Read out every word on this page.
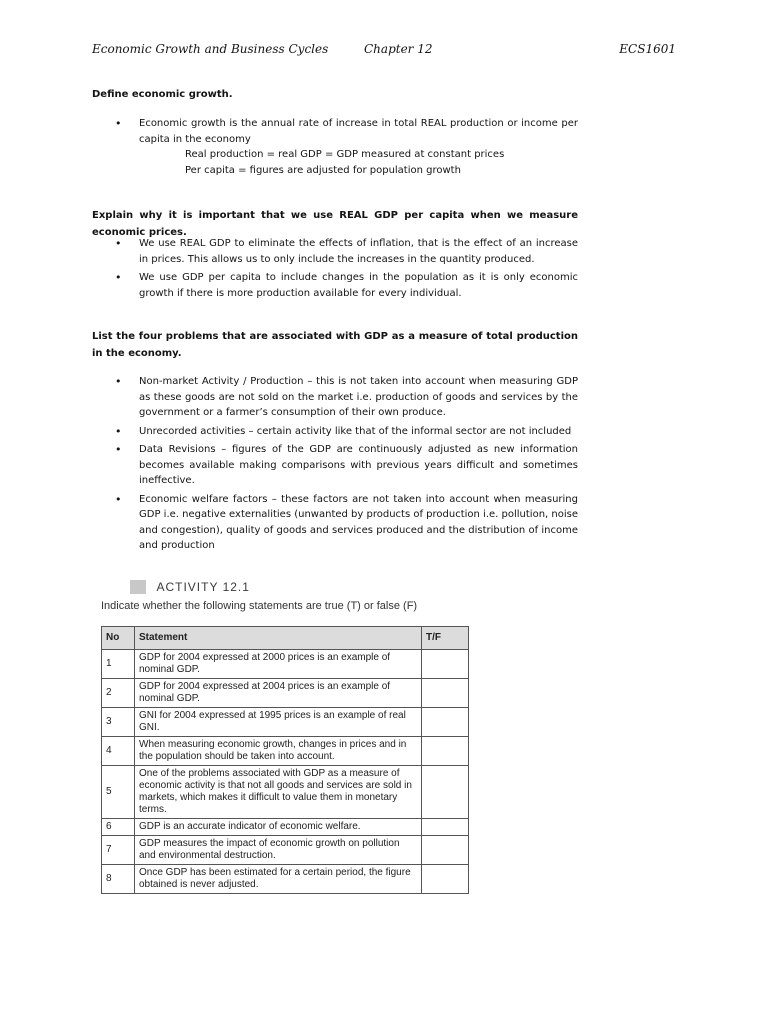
Economic Growth and Business Cycles	Chapter 12	ECS1601
Define economic growth.
• Economic growth is the annual rate of increase in total REAL production or income per capita in the economy
Real production = real GDP = GDP measured at constant prices
Per capita = figures are adjusted for population growth
Explain why it is important that we use REAL GDP per capita when we measure economic prices.
• We use REAL GDP to eliminate the effects of inflation, that is the effect of an increase in prices. This allows us to only include the increases in the quantity produced.
• We use GDP per capita to include changes in the population as it is only economic growth if there is more production available for every individual.
List the four problems that are associated with GDP as a measure of total production in the economy.
• Non-market Activity / Production – this is not taken into account when measuring GDP as these goods are not sold on the market i.e. production of goods and services by the government or a farmer’s consumption of their own produce.
• Unrecorded activities – certain activity like that of the informal sector are not included
• Data Revisions – figures of the GDP are continuously adjusted as new information becomes available making comparisons with previous years difficult and sometimes ineffective.
• Economic welfare factors – these factors are not taken into account when measuring GDP i.e. negative externalities (unwanted by products of production i.e. pollution, noise and congestion), quality of goods and services produced and the distribution of income and production
ACTIVITY 12.1
Indicate whether the following statements are true (T) or false (F)
No	Statement	T/F
1	GDP for 2004 expressed at 2000 prices is an example of nominal GDP.	
2	GDP for 2004 expressed at 2004 prices is an example of nominal GDP.	
3	GNI for 2004 expressed at 1995 prices is an example of real GNI.	
4	When measuring economic growth, changes in prices and in the population should be taken into account.	
5	One of the problems associated with GDP as a measure of economic activity is that not all goods and services are sold in markets, which makes it difficult to value them in monetary terms.	
6	GDP is an accurate indicator of economic welfare.	
7	GDP measures the impact of economic growth on pollution and environmental destruction.	
8	Once GDP has been estimated for a certain period, the figure obtained is never adjusted.	
